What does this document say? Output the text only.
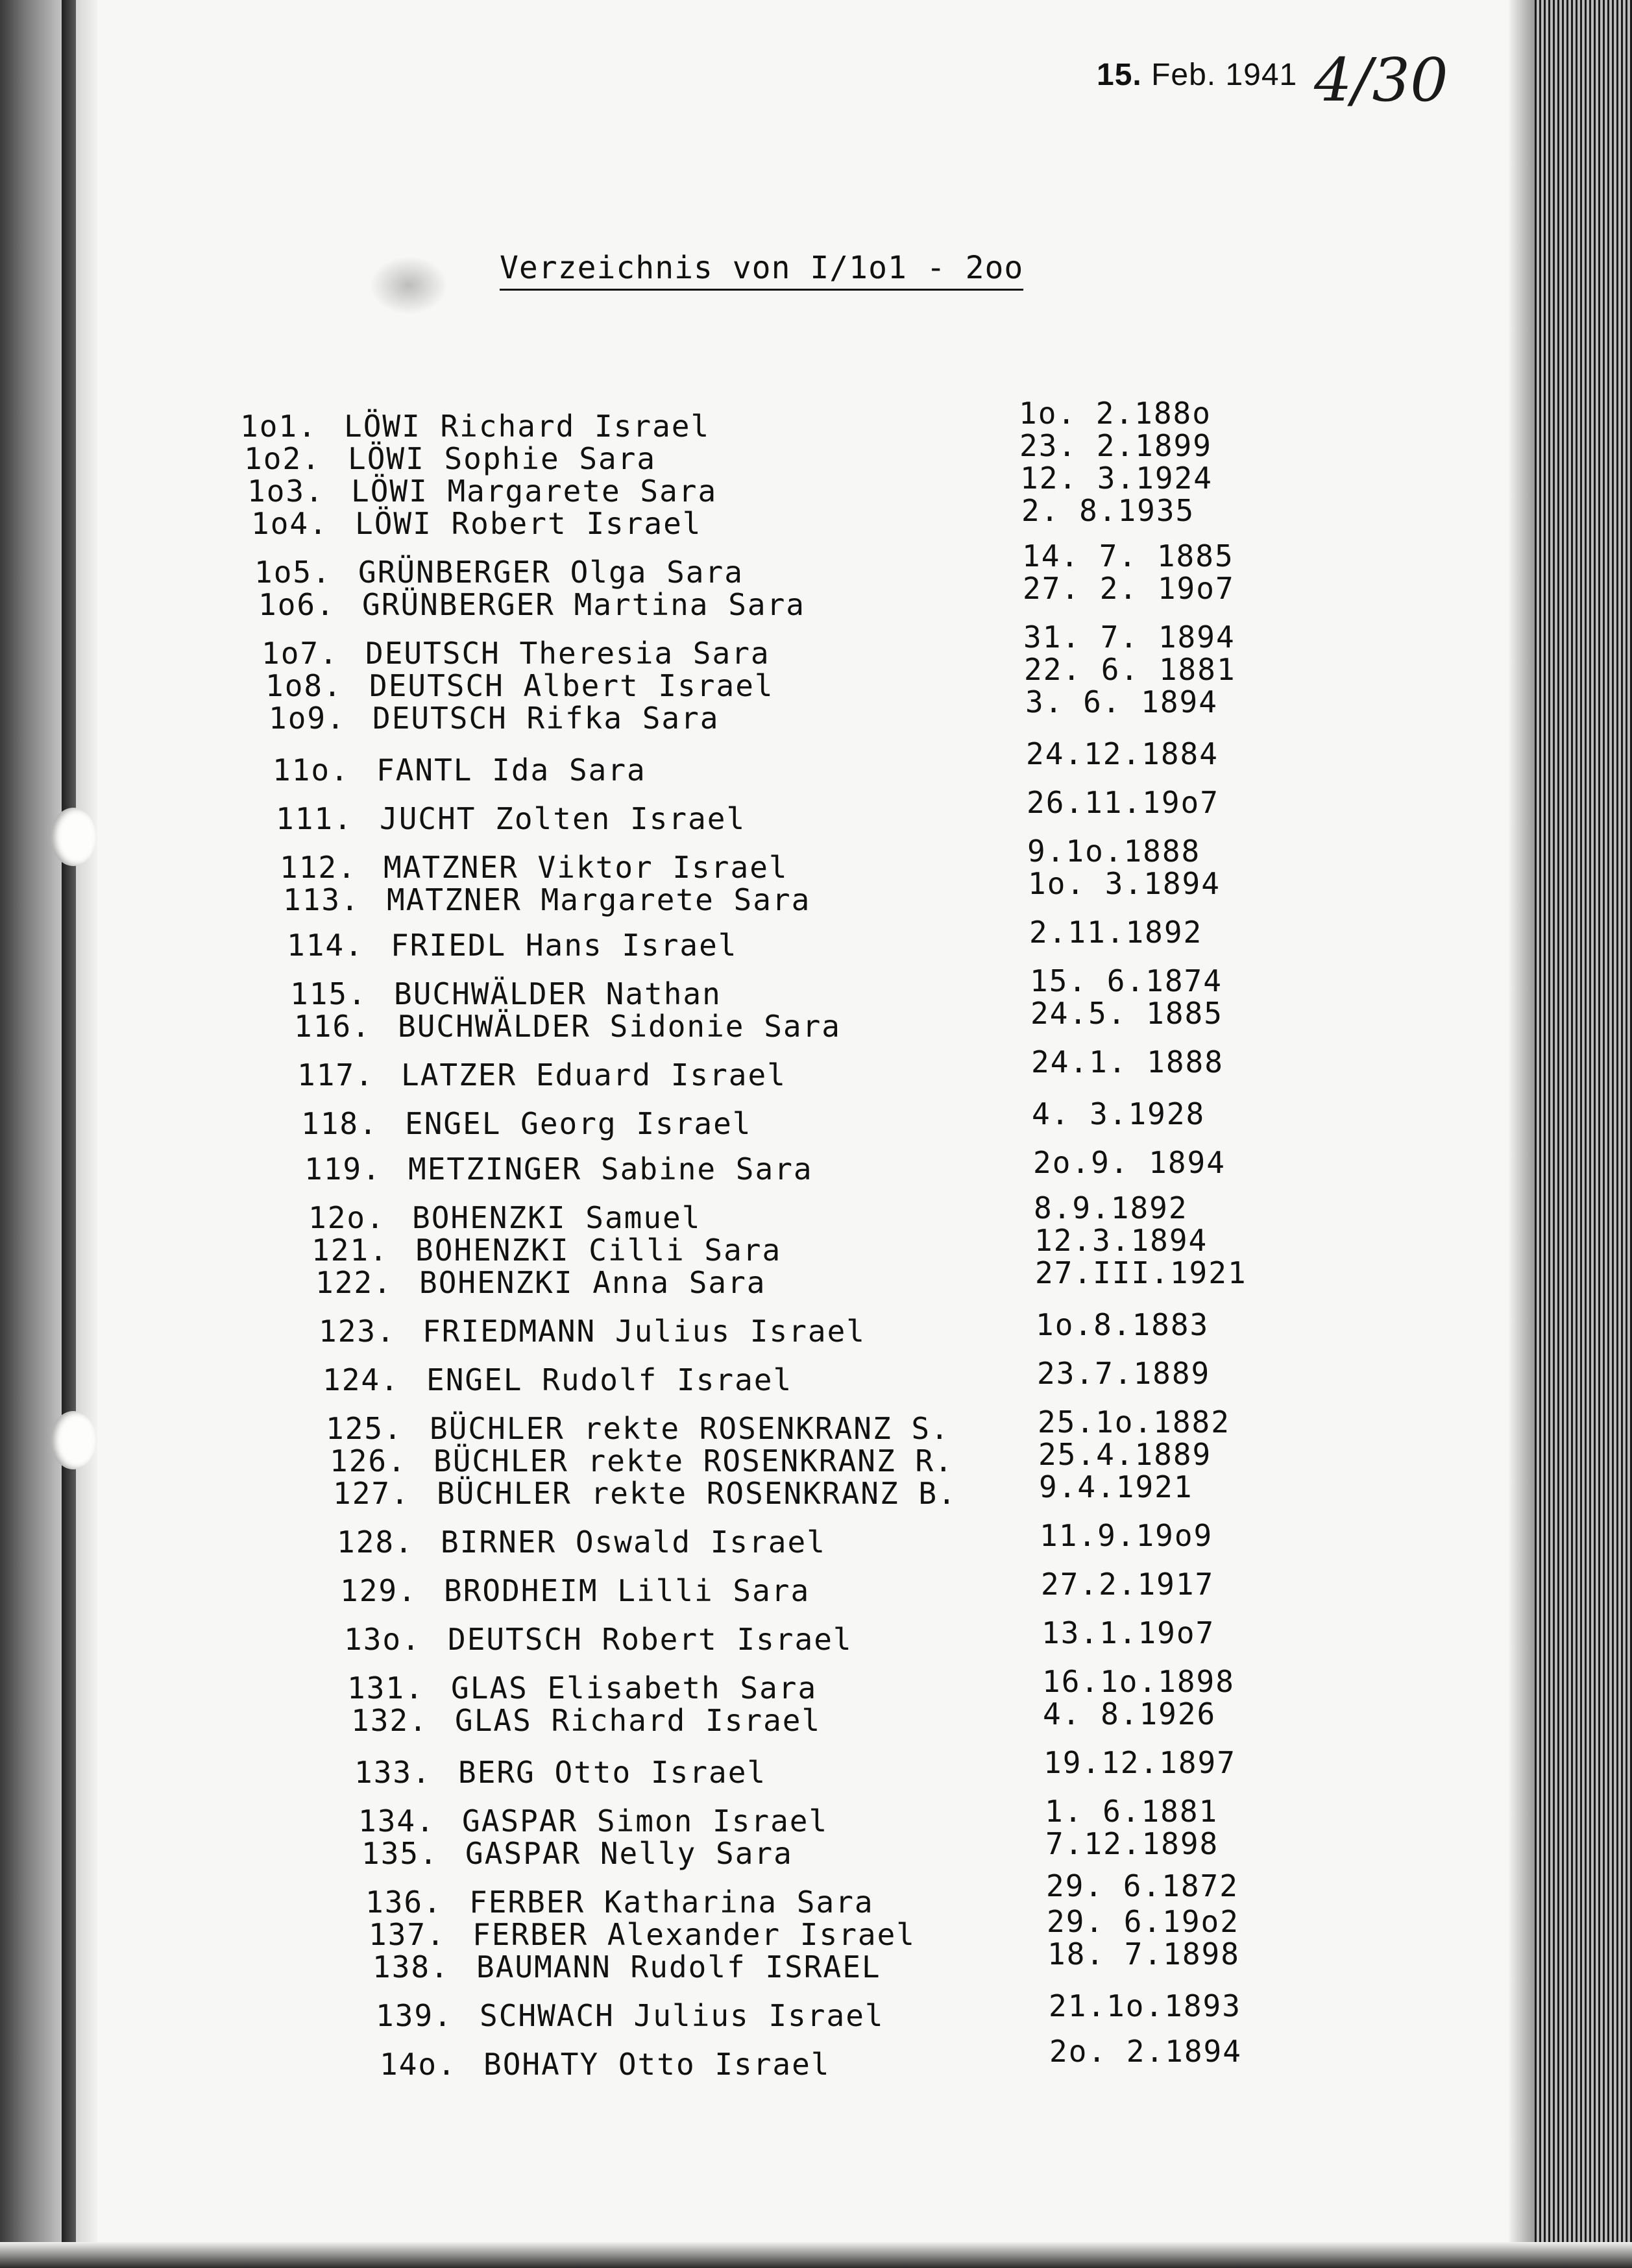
15. Feb. 1941 4/30
Verzeichnis von I/1o1 - 2oo
1o1. LÖWI Richard Israel	1o. 2.188o
1o2. LÖWI Sophie Sara	23. 2.1899
1o3. LÖWI Margarete Sara	12. 3.1924
1o4. LÖWI Robert Israel	2. 8.1935
1o5. GRÜNBERGER Olga Sara	14. 7. 1885
1o6. GRÜNBERGER Martina Sara	27. 2. 19o7
1o7. DEUTSCH Theresia Sara	31. 7. 1894
1o8. DEUTSCH Albert Israel	22. 6. 1881
1o9. DEUTSCH Rifka Sara	3. 6. 1894
11o. FANTL Ida Sara	24.12.1884
111. JUCHT Zolten Israel	26.11.19o7
112. MATZNER Viktor Israel	9.1o.1888
113. MATZNER Margarete Sara	1o. 3.1894
114. FRIEDL Hans Israel	2.11.1892
115. BUCHWÄLDER Nathan	15. 6.1874
116. BUCHWÄLDER Sidonie Sara	24.5. 1885
117. LATZER Eduard Israel	24.1. 1888
118. ENGEL Georg Israel	4. 3.1928
119. METZINGER Sabine Sara	2o.9. 1894
12o. BOHENZKI Samuel	8.9.1892
121. BOHENZKI Cilli Sara	12.3.1894
122. BOHENZKI Anna Sara	27.III.1921
123. FRIEDMANN Julius Israel	1o.8.1883
124. ENGEL Rudolf Israel	23.7.1889
125. BÜCHLER rekte ROSENKRANZ S.	25.1o.1882
126. BÜCHLER rekte ROSENKRANZ R.	25.4.1889
127. BÜCHLER rekte ROSENKRANZ B.	9.4.1921
128. BIRNER Oswald Israel	11.9.19o9
129. BRODHEIM Lilli Sara	27.2.1917
13o. DEUTSCH Robert Israel	13.1.19o7
131. GLAS Elisabeth Sara	16.1o.1898
132. GLAS Richard Israel	4. 8.1926
133. BERG Otto Israel	19.12.1897
134. GASPAR Simon Israel	1. 6.1881
135. GASPAR Nelly Sara	7.12.1898
136. FERBER Katharina Sara	29. 6.1872
137. FERBER Alexander Israel	29. 6.19o2
138. BAUMANN Rudolf ISRAEL	18. 7.1898
139. SCHWACH Julius Israel	21.1o.1893
14o. BOHATY Otto Israel	2o. 2.1894
